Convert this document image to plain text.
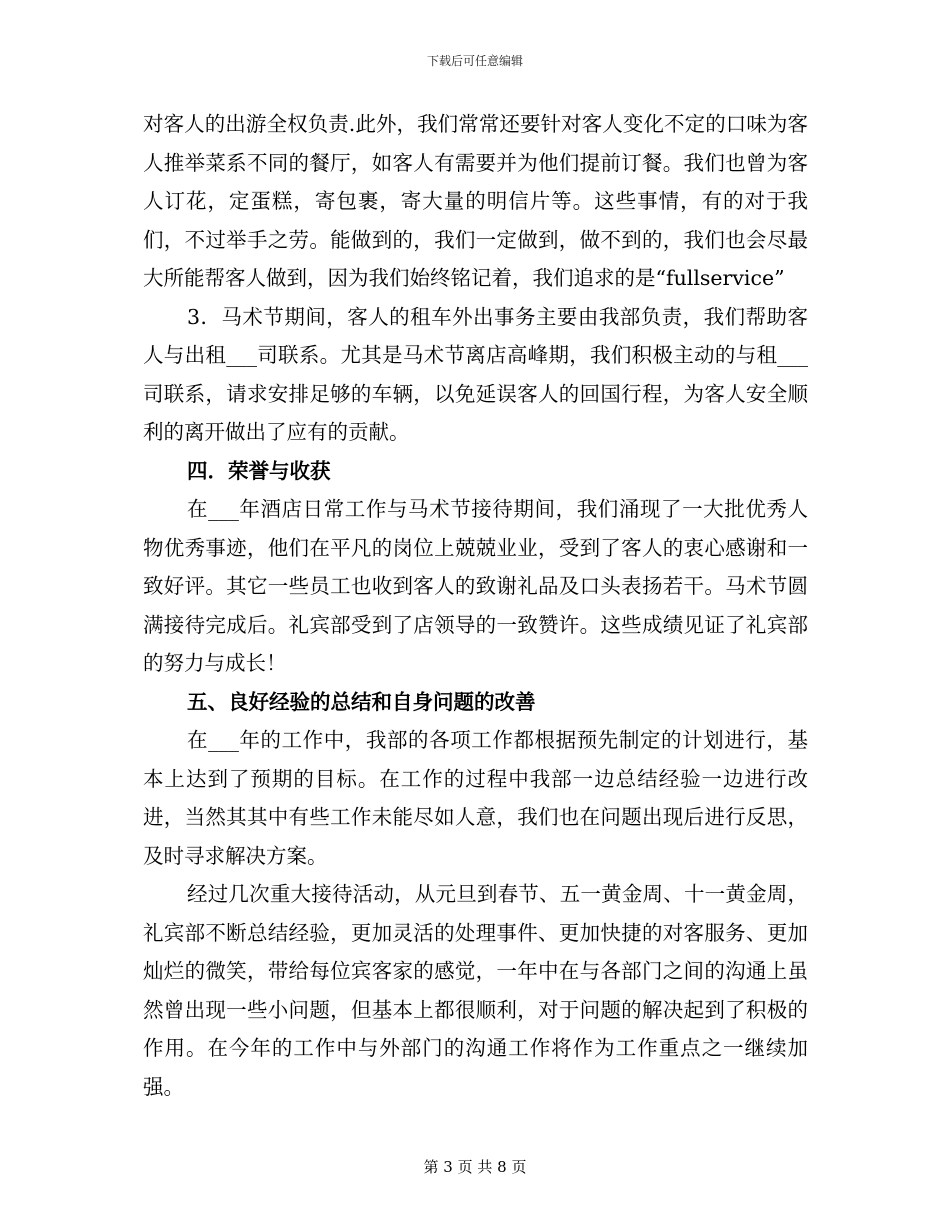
下载后可任意编辑

对客人的出游全权负责.此外，我们常常还要针对客人变化不定的口味为客人推举菜系不同的餐厅，如客人有需要并为他们提前订餐。我们也曾为客人订花，定蛋糕，寄包裹，寄大量的明信片等。这些事情，有的对于我们，不过举手之劳。能做到的，我们一定做到，做不到的，我们也会尽最大所能帮客人做到，因为我们始终铭记着，我们追求的是“fullservice”

3．马术节期间，客人的租车外出事务主要由我部负责，我们帮助客人与出租___司联系。尤其是马术节离店高峰期，我们积极主动的与租___司联系，请求安排足够的车辆，以免延误客人的回国行程，为客人安全顺利的离开做出了应有的贡献。

四．荣誉与收获

在___年酒店日常工作与马术节接待期间，我们涌现了一大批优秀人物优秀事迹，他们在平凡的岗位上兢兢业业，受到了客人的衷心感谢和一致好评。其它一些员工也收到客人的致谢礼品及口头表扬若干。马术节圆满接待完成后。礼宾部受到了店领导的一致赞许。这些成绩见证了礼宾部的努力与成长！

五、良好经验的总结和自身问题的改善

在___年的工作中，我部的各项工作都根据预先制定的计划进行，基本上达到了预期的目标。在工作的过程中我部一边总结经验一边进行改进，当然其其中有些工作未能尽如人意，我们也在问题出现后进行反思，及时寻求解决方案。

经过几次重大接待活动，从元旦到春节、五一黄金周、十一黄金周，礼宾部不断总结经验，更加灵活的处理事件、更加快捷的对客服务、更加灿烂的微笑，带给每位宾客家的感觉，一年中在与各部门之间的沟通上虽然曾出现一些小问题，但基本上都很顺利，对于问题的解决起到了积极的作用。在今年的工作中与外部门的沟通工作将作为工作重点之一继续加强。

第 3 页 共 8 页
